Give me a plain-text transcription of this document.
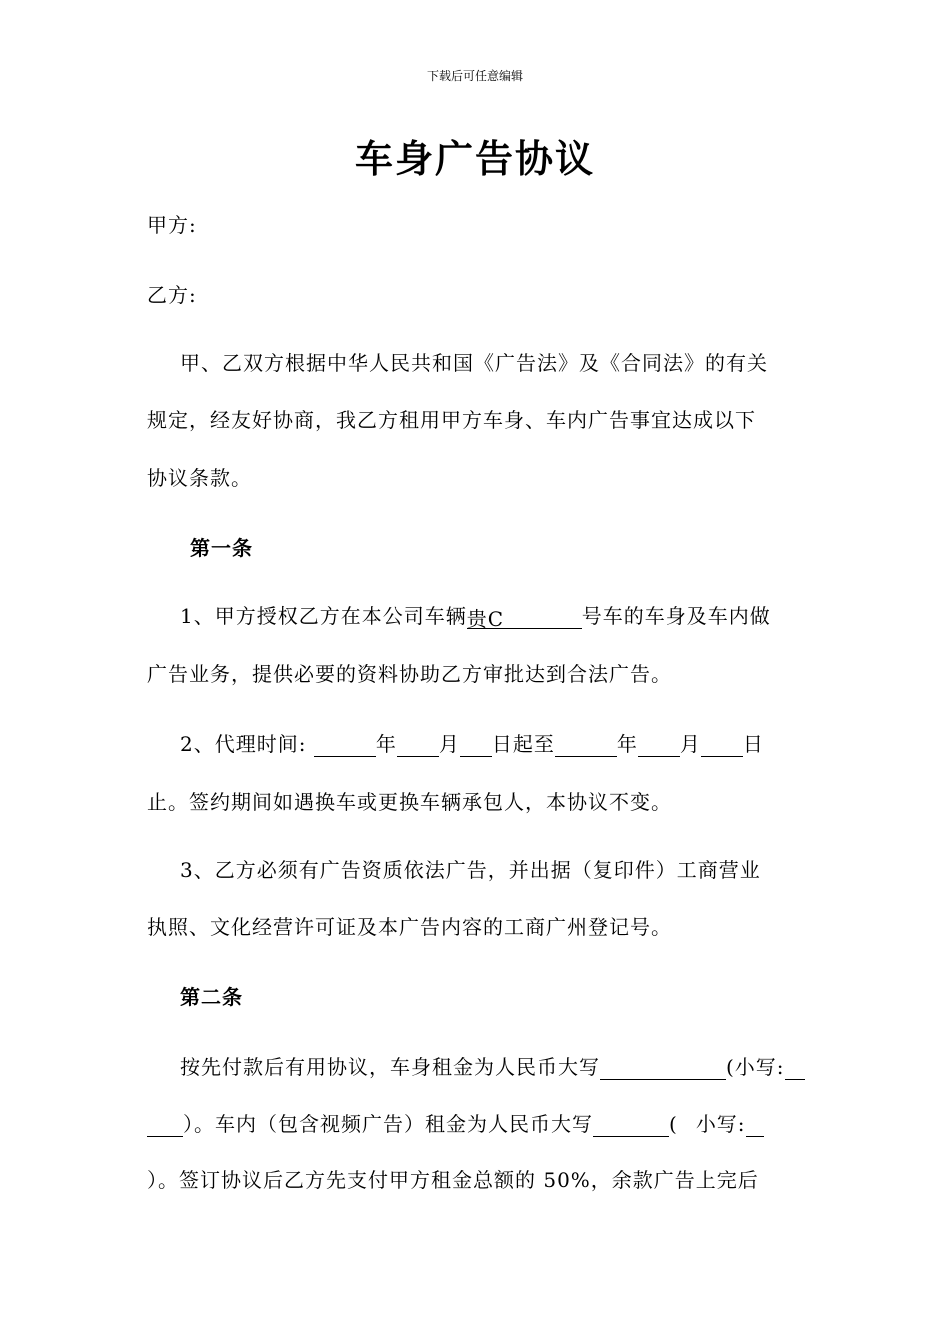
下载后可任意编辑
车身广告协议
甲方:
乙方:
甲、乙双方根据中华人民共和国《广告法》及《合同法》的有关
规定，经友好协商，我乙方租用甲方车身、车内广告事宜达成以下
协议条款。
第一条
1、甲方授权乙方在本公司车辆贵C	号车的车身及车内做
广告业务，提供必要的资料协助乙方审批达到合法广告。
2、代理时间:	年 月 日起至	年 月 日
止。签约期间如遇换车或更换车辆承包人，本协议不变。
3、乙方必须有广告资质依法广告，并出据（复印件）工商营业
执照、文化经营许可证及本广告内容的工商广州登记号。
第二条
按先付款后有用协议，车身租金为人民币大写	(小写:
）。车内（包含视频广告）租金为人民币大写	( 小写:
）。签订协议后乙方先支付甲方租金总额的 50%，余款广告上完后
